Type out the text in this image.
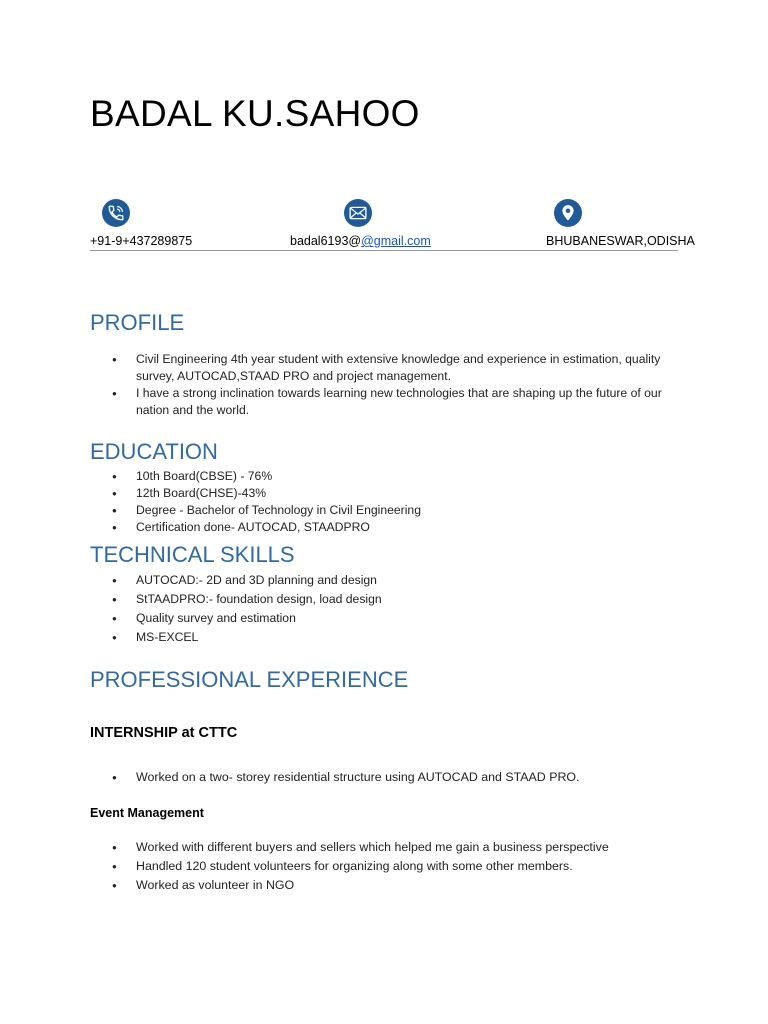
BADAL KU.SAHOO
+91-9+437289875	badal6193@@gmail.com	BHUBANESWAR,ODISHA
PROFILE
● Civil Engineering 4th year student with extensive knowledge and experience in estimation, quality survey, AUTOCAD,STAAD PRO and project management.
● I have a strong inclination towards learning new technologies that are shaping up the future of our nation and the world.
EDUCATION
● 10th Board(CBSE) - 76%
● 12th Board(CHSE)-43%
● Degree - Bachelor of Technology in Civil Engineering
● Certification done- AUTOCAD, STAADPRO
TECHNICAL SKILLS
● AUTOCAD:- 2D and 3D planning and design
● StTAADPRO:- foundation design, load design
● Quality survey and estimation
● MS-EXCEL
PROFESSIONAL EXPERIENCE
INTERNSHIP at CTTC
● Worked on a two- storey residential structure using AUTOCAD and STAAD PRO.
Event Management
● Worked with different buyers and sellers which helped me gain a business perspective
● Handled 120 student volunteers for organizing along with some other members.
● Worked as volunteer in NGO
